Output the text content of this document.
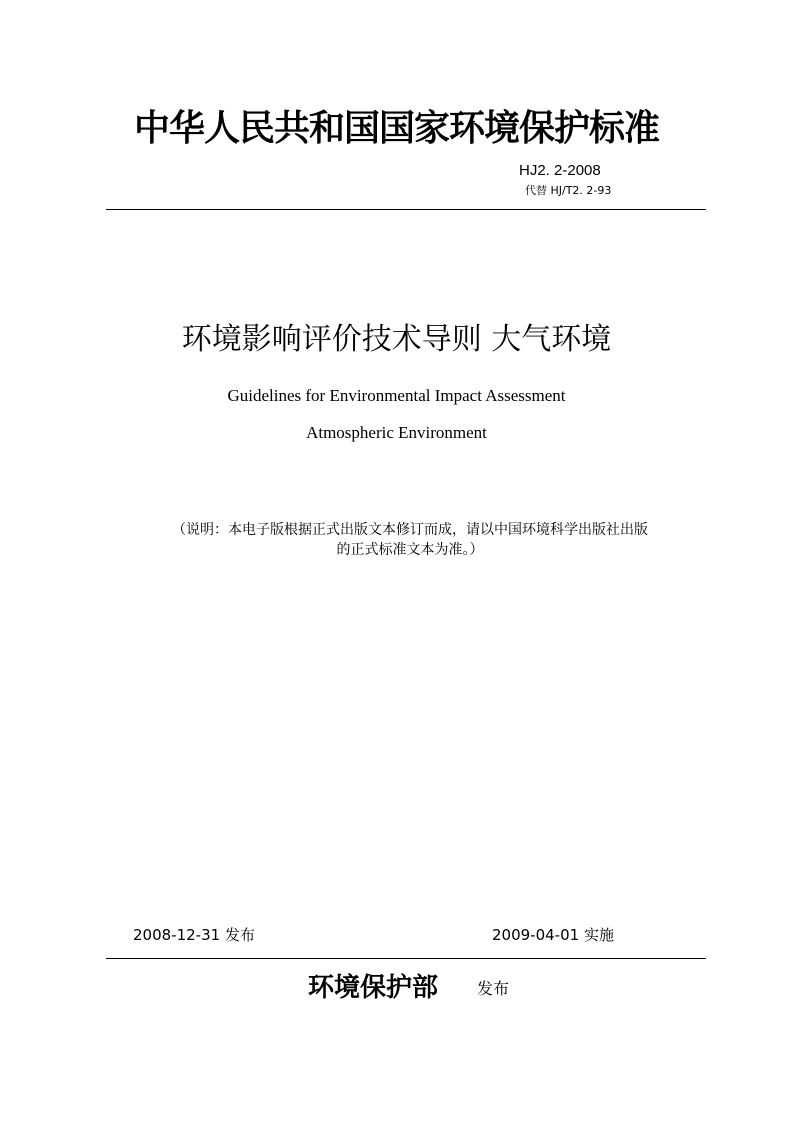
中华人民共和国国家环境保护标准
HJ2. 2-2008
代替 HJ/T2. 2-93
环境影响评价技术导则 大气环境
Guidelines for Environmental Impact Assessment
Atmospheric Environment
（说明：本电子版根据正式出版文本修订而成，请以中国环境科学出版社出版
的正式标准文本为准。）
2008-12-31 发布	2009-04-01 实施
环境保护部 发布
